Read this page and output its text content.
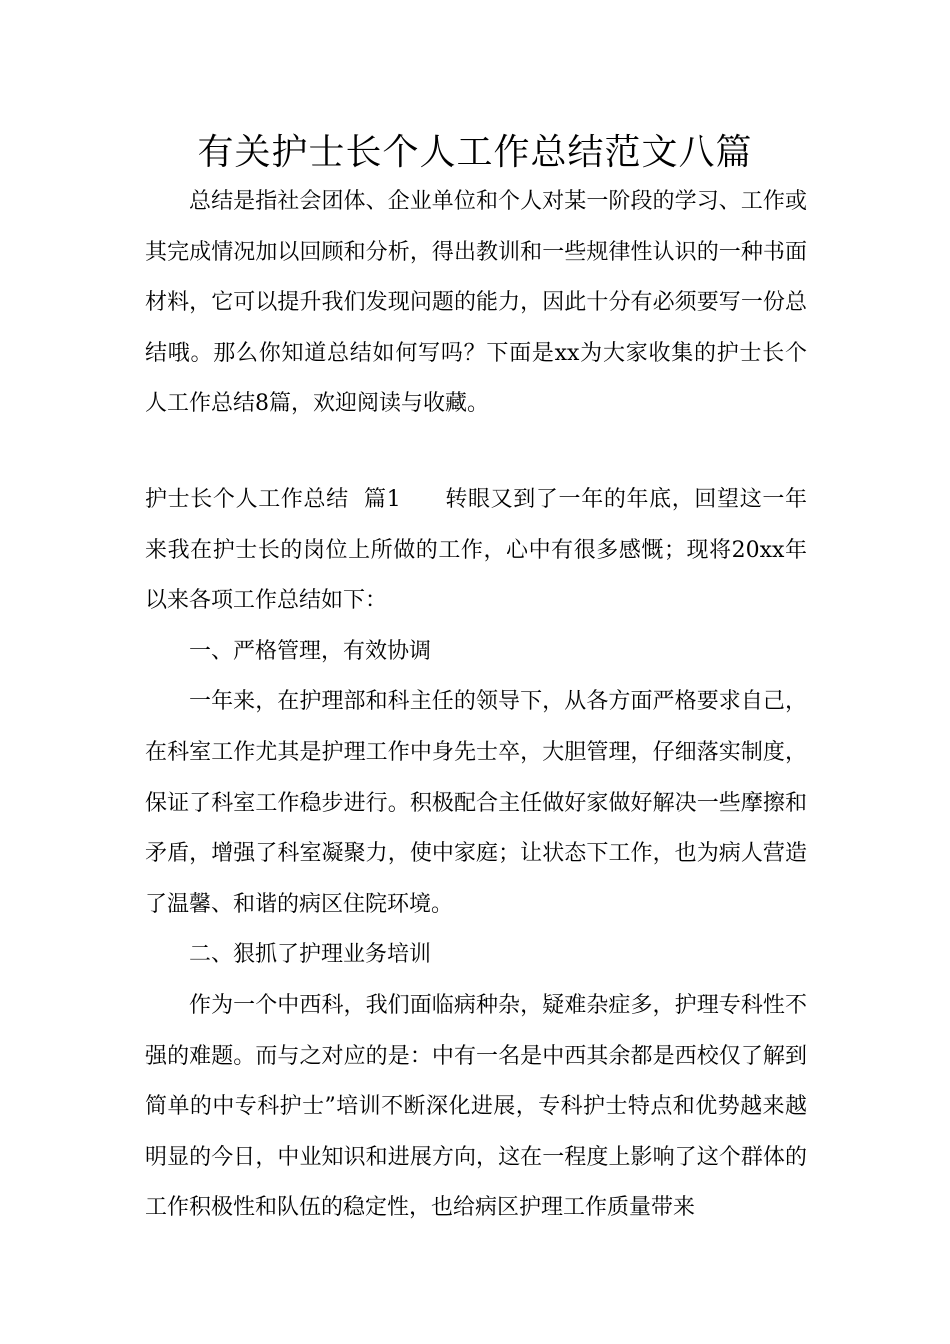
有关护士长个人工作总结范文八篇

总结是指社会团体、企业单位和个人对某一阶段的学习、工作或其完成情况加以回顾和分析，得出教训和一些规律性认识的一种书面材料，它可以提升我们发现问题的能力，因此十分有必须要写一份总结哦。那么你知道总结如何写吗？下面是xx为大家收集的护士长个人工作总结8篇，欢迎阅读与收藏。

护士长个人工作总结  篇1 转眼又到了一年的年底，回望这一年来我在护士长的岗位上所做的工作，心中有很多感慨；现将20xx年以来各项工作总结如下：

一、严格管理，有效协调

一年来，在护理部和科主任的领导下，从各方面严格要求自己，在科室工作尤其是护理工作中身先士卒，大胆管理，仔细落实制度，保证了科室工作稳步进行。积极配合主任做好家做好解决一些摩擦和矛盾，增强了科室凝聚力，使中家庭；让状态下工作，也为病人营造了温馨、和谐的病区住院环境。

二、狠抓了护理业务培训

作为一个中西科，我们面临病种杂，疑难杂症多，护理专科性不强的难题。而与之对应的是：中有一名是中西其余都是西校仅了解到简单的中专科护士”培训不断深化进展，专科护士特点和优势越来越明显的今日，中业知识和进展方向，这在一程度上影响了这个群体的工作积极性和队伍的稳定性，也给病区护理工作质量带来
